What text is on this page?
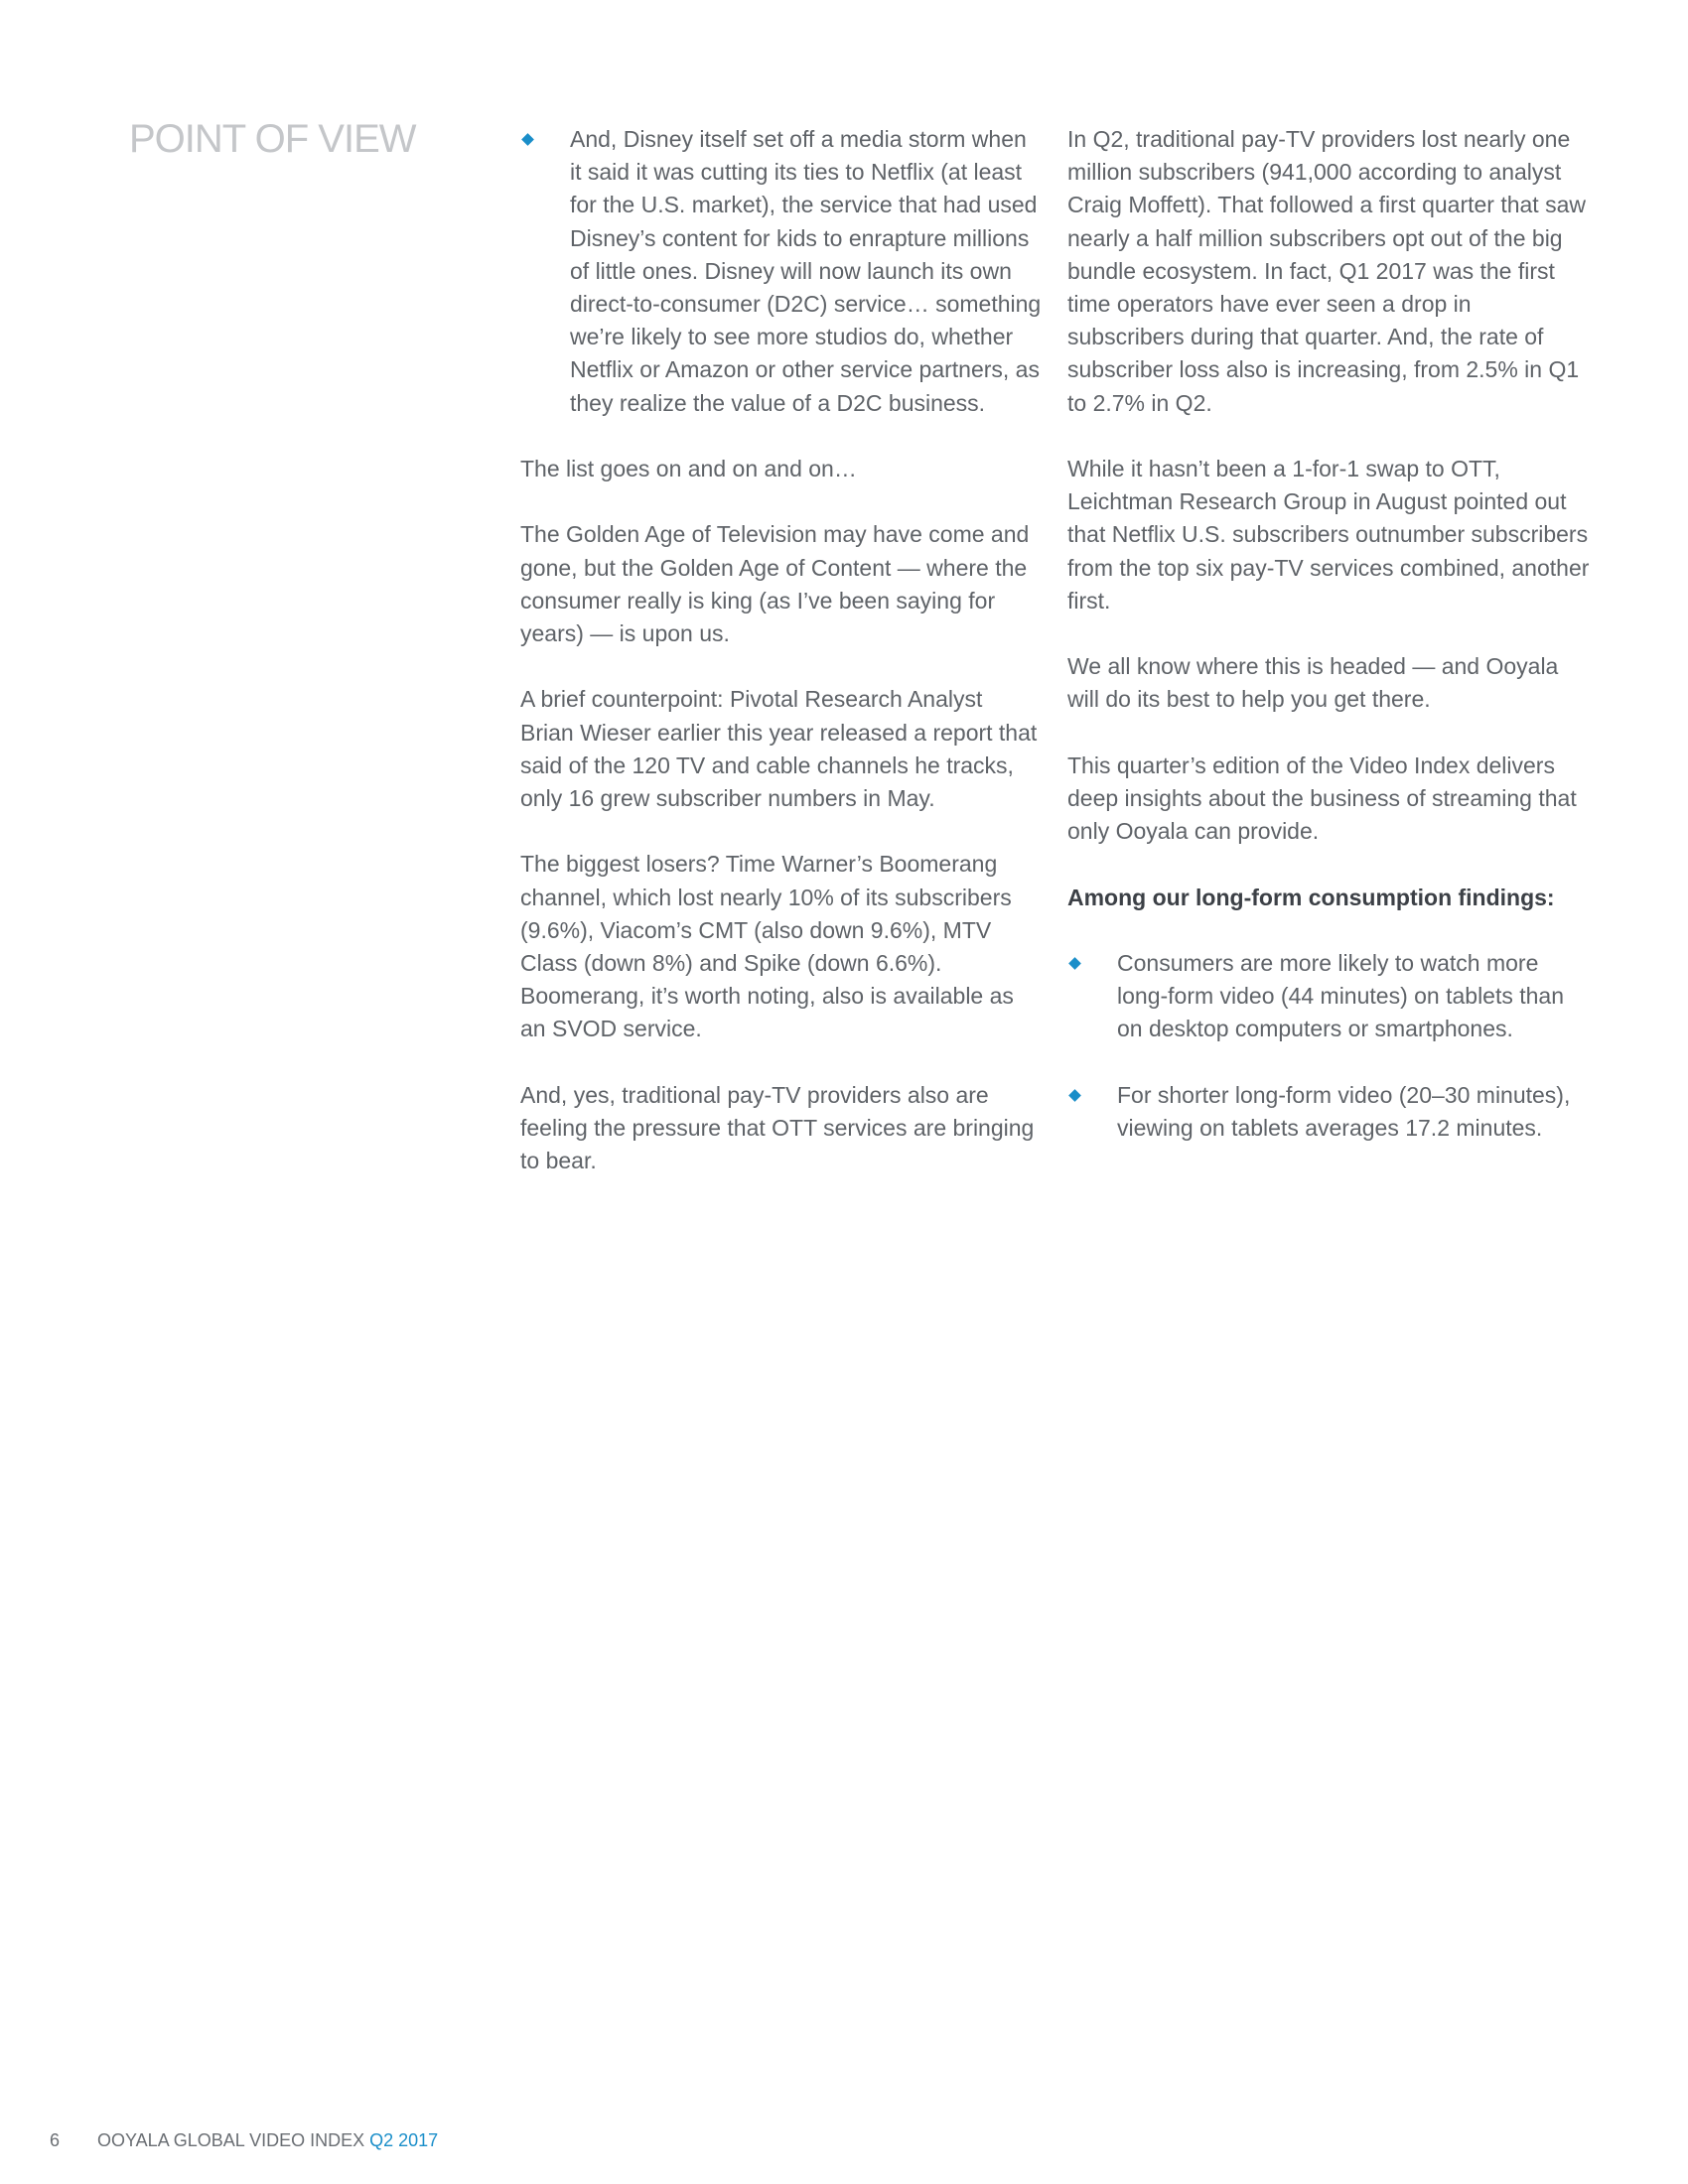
POINT OF VIEW	And, Disney itself set off a media storm when it said it was cutting its ties to Netflix (at least for the U.S. market), the service that had used Disney’s content for kids to enrapture millions of little ones. Disney will now launch its own direct-to-consumer (D2C) service… something we’re likely to see more studios do, whether Netflix or Amazon or other service partners, as they realize the value of a D2C business.

The list goes on and on and on…

The Golden Age of Television may have come and gone, but the Golden Age of Content — where the consumer really is king (as I’ve been saying for years) — is upon us.

A brief counterpoint: Pivotal Research Analyst Brian Wieser earlier this year released a report that said of the 120 TV and cable channels he tracks, only 16 grew subscriber numbers in May.

The biggest losers? Time Warner’s Boomerang channel, which lost nearly 10% of its subscribers (9.6%), Viacom’s CMT (also down 9.6%), MTV Class (down 8%) and Spike (down 6.6%). Boomerang, it’s worth noting, also is available as an SVOD service.

And, yes, traditional pay-TV providers also are feeling the pressure that OTT services are bringing to bear.

In Q2, traditional pay-TV providers lost nearly one million subscribers (941,000 according to analyst Craig Moffett). That followed a first quarter that saw nearly a half million subscribers opt out of the big bundle ecosystem. In fact, Q1 2017 was the first time operators have ever seen a drop in subscribers during that quarter. And, the rate of subscriber loss also is increasing, from 2.5% in Q1 to 2.7% in Q2.

While it hasn’t been a 1-for-1 swap to OTT, Leichtman Research Group in August pointed out that Netflix U.S. subscribers outnumber subscribers from the top six pay-TV services combined, another first.

We all know where this is headed — and Ooyala will do its best to help you get there.

This quarter’s edition of the Video Index delivers deep insights about the business of streaming that only Ooyala can provide.

Among our long-form consumption findings:

Consumers are more likely to watch more long-form video (44 minutes) on tablets than on desktop computers or smartphones.
For shorter long-form video (20–30 minutes), viewing on tablets averages 17.2 minutes.
6 OOYALA GLOBAL VIDEO INDEX Q2 2017
